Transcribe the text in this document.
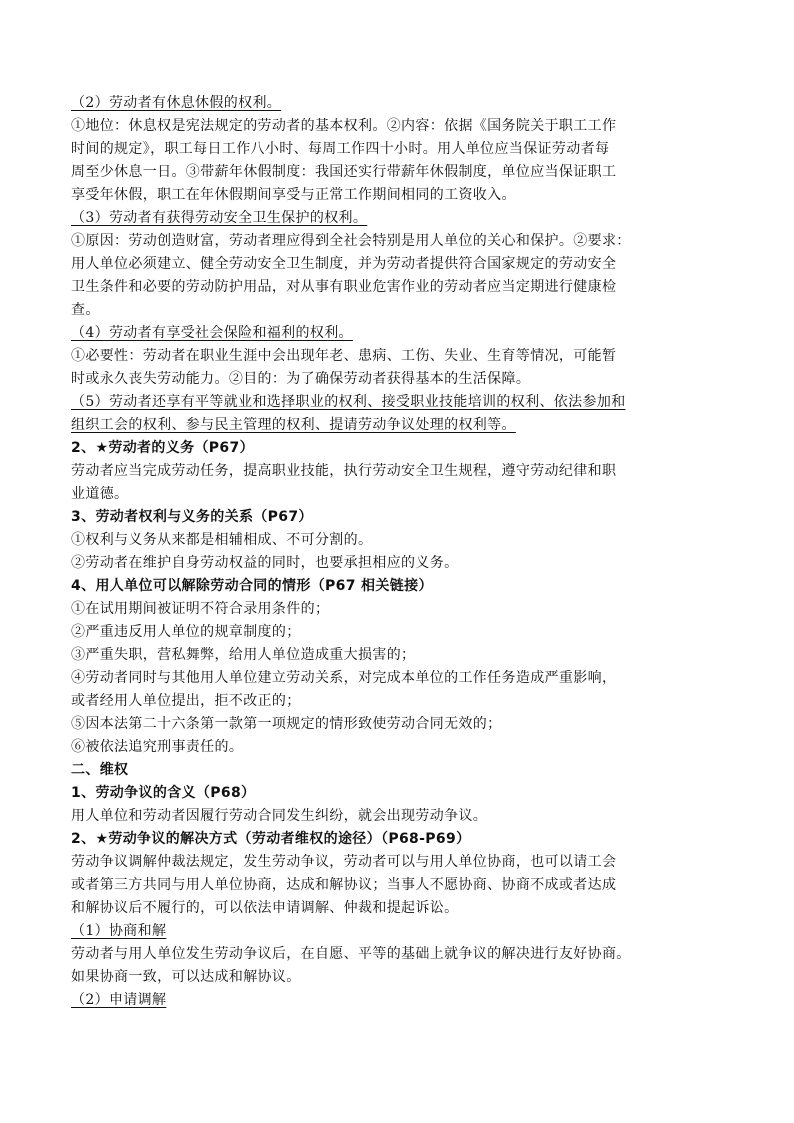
（2）劳动者有休息休假的权利。
①地位：休息权是宪法规定的劳动者的基本权利。②内容：依据《国务院关于职工工作
时间的规定》，职工每日工作八小时、每周工作四十小时。用人单位应当保证劳动者每
周至少休息一日。③带薪年休假制度：我国还实行带薪年休假制度，单位应当保证职工
享受年休假，职工在年休假期间享受与正常工作期间相同的工资收入。
（3）劳动者有获得劳动安全卫生保护的权利。
①原因：劳动创造财富，劳动者理应得到全社会特别是用人单位的关心和保护。②要求：
用人单位必须建立、健全劳动安全卫生制度，并为劳动者提供符合国家规定的劳动安全
卫生条件和必要的劳动防护用品，对从事有职业危害作业的劳动者应当定期进行健康检
查。
（4）劳动者有享受社会保险和福利的权利。
①必要性：劳动者在职业生涯中会出现年老、患病、工伤、失业、生育等情况，可能暂
时或永久丧失劳动能力。②目的：为了确保劳动者获得基本的生活保障。
（5）劳动者还享有平等就业和选择职业的权利、接受职业技能培训的权利、依法参加和
组织工会的权利、参与民主管理的权利、提请劳动争议处理的权利等。
2、★劳动者的义务（P67）
劳动者应当完成劳动任务，提高职业技能，执行劳动安全卫生规程，遵守劳动纪律和职
业道德。
3、劳动者权利与义务的关系（P67）
①权利与义务从来都是相辅相成、不可分割的。
②劳动者在维护自身劳动权益的同时，也要承担相应的义务。
4、用人单位可以解除劳动合同的情形（P67 相关链接）
①在试用期间被证明不符合录用条件的；
②严重违反用人单位的规章制度的；
③严重失职，营私舞弊，给用人单位造成重大损害的；
④劳动者同时与其他用人单位建立劳动关系，对完成本单位的工作任务造成严重影响，
或者经用人单位提出，拒不改正的；
⑤因本法第二十六条第一款第一项规定的情形致使劳动合同无效的；
⑥被依法追究刑事责任的。
二、维权
1、劳动争议的含义（P68）
用人单位和劳动者因履行劳动合同发生纠纷，就会出现劳动争议。
2、★劳动争议的解决方式（劳动者维权的途径）（P68-P69）
劳动争议调解仲裁法规定，发生劳动争议，劳动者可以与用人单位协商，也可以请工会
或者第三方共同与用人单位协商，达成和解协议；当事人不愿协商、协商不成或者达成
和解协议后不履行的，可以依法申请调解、仲裁和提起诉讼。
（1）协商和解
劳动者与用人单位发生劳动争议后，在自愿、平等的基础上就争议的解决进行友好协商。
如果协商一致，可以达成和解协议。
（2）申请调解
